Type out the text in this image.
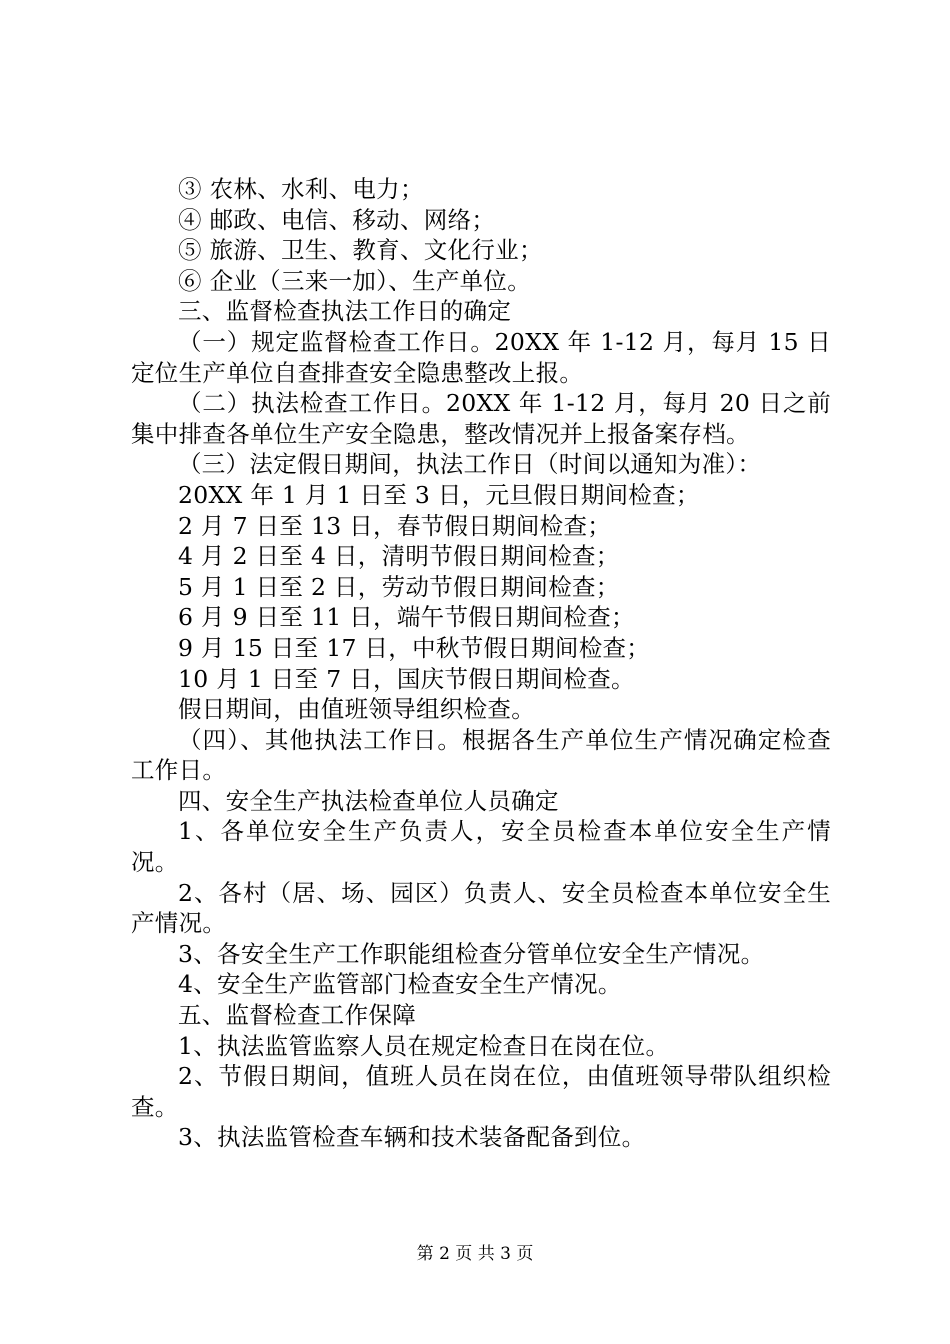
③ 农林、水利、电力；

④ 邮政、电信、移动、网络；

⑤ 旅游、卫生、教育、文化行业；

⑥ 企业（三来一加）、生产单位。

三、监督检查执法工作日的确定

（一）规定监督检查工作日。20XX 年 1-12 月，每月 15 日定位生产单位自查排查安全隐患整改上报。

（二）执法检查工作日。20XX 年 1-12 月，每月 20 日之前集中排查各单位生产安全隐患，整改情况并上报备案存档。

（三）法定假日期间，执法工作日（时间以通知为准）：

20XX 年 1 月 1 日至 3 日，元旦假日期间检查；

2 月 7 日至 13 日，春节假日期间检查；

4 月 2 日至 4 日，清明节假日期间检查；

5 月 1 日至 2 日，劳动节假日期间检查；

6 月 9 日至 11 日，端午节假日期间检查；

9 月 15 日至 17 日，中秋节假日期间检查；

10 月 1 日至 7 日，国庆节假日期间检查。

假日期间，由值班领导组织检查。

（四）、其他执法工作日。根据各生产单位生产情况确定检查工作日。

四、安全生产执法检查单位人员确定

1、各单位安全生产负责人，安全员检查本单位安全生产情况。

2、各村（居、场、园区）负责人、安全员检查本单位安全生产情况。

3、各安全生产工作职能组检查分管单位安全生产情况。

4、安全生产监管部门检查安全生产情况。

五、监督检查工作保障

1、执法监管监察人员在规定检查日在岗在位。

2、节假日期间，值班人员在岗在位，由值班领导带队组织检查。

3、执法监管检查车辆和技术装备配备到位。

第 2 页 共 3 页
